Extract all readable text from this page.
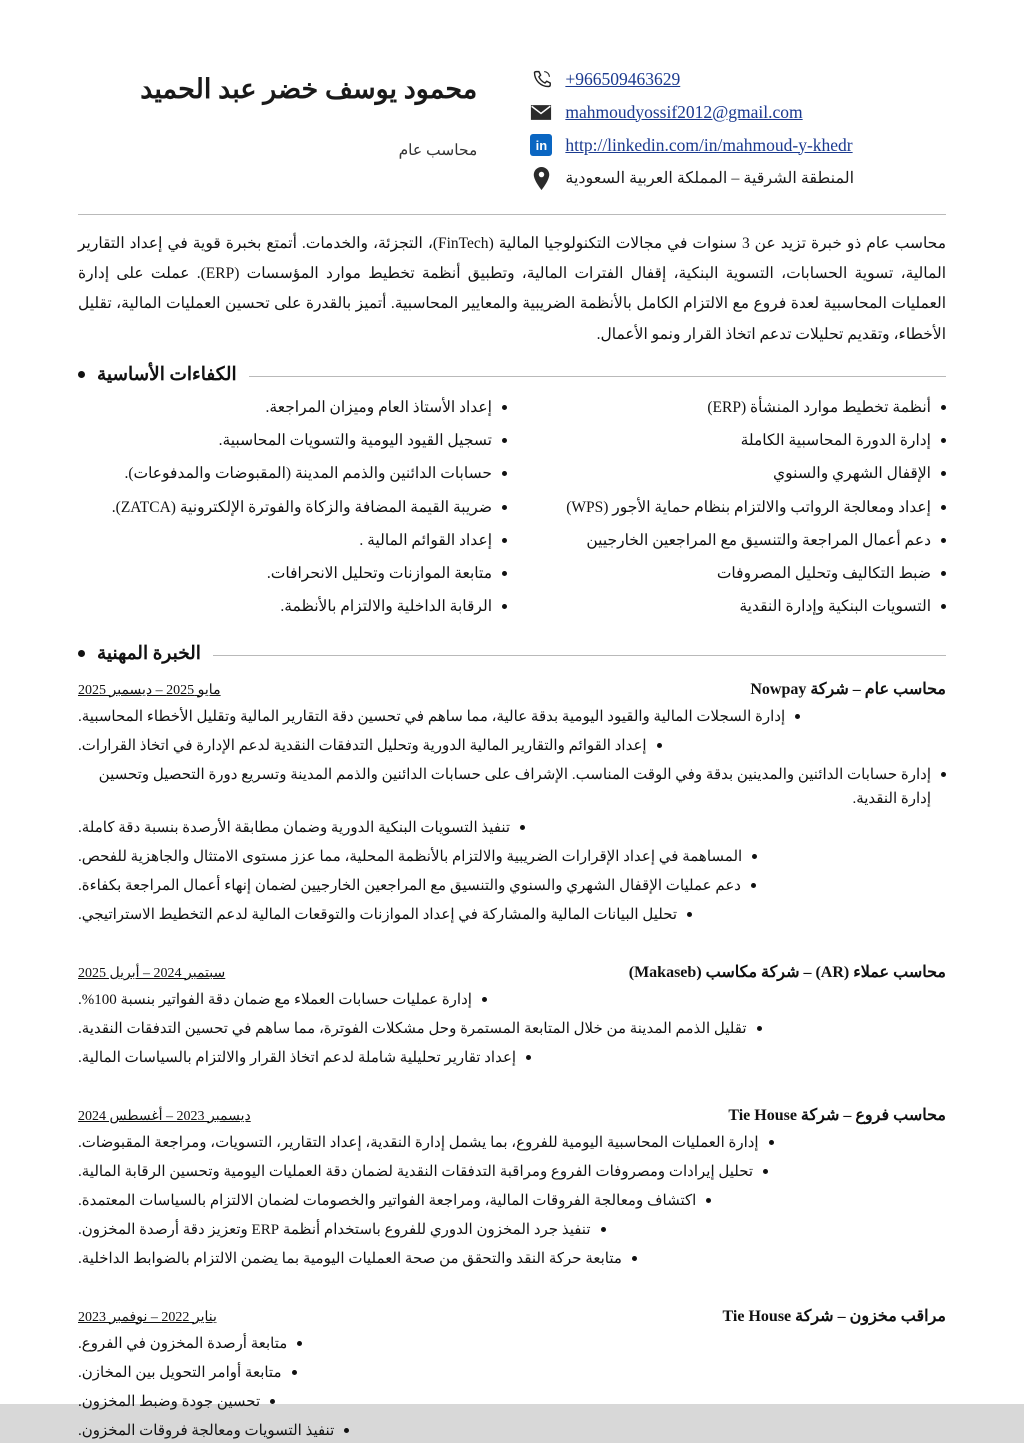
+966509463629
mahmoudyossif2012@gmail.com
in http://linkedin.com/in/mahmoud-y-khedr
المنطقة الشرقية – المملكة العربية السعودية
محمود يوسف خضر عبد الحميد
محاسب عام
محاسب عام ذو خبرة تزيد عن 3 سنوات في مجالات التكنولوجيا المالية (FinTech)، التجزئة، والخدمات. أتمتع بخبرة قوية في إعداد التقارير المالية، تسوية الحسابات، التسوية البنكية، إقفال الفترات المالية، وتطبيق أنظمة تخطيط موارد المؤسسات (ERP). عملت على إدارة العمليات المحاسبية لعدة فروع مع الالتزام الكامل بالأنظمة الضريبية والمعايير المحاسبية. أتميز بالقدرة على تحسين العمليات المالية، تقليل الأخطاء، وتقديم تحليلات تدعم اتخاذ القرار ونمو الأعمال.
الكفاءات الأساسية
أنظمة تخطيط موارد المنشأة (ERP)
إدارة الدورة المحاسبية الكاملة
الإقفال الشهري والسنوي
إعداد ومعالجة الرواتب والالتزام بنظام حماية الأجور (WPS)
دعم أعمال المراجعة والتنسيق مع المراجعين الخارجيين
ضبط التكاليف وتحليل المصروفات
التسويات البنكية وإدارة النقدية
إعداد الأستاذ العام وميزان المراجعة.
تسجيل القيود اليومية والتسويات المحاسبية.
حسابات الدائنين والذمم المدينة (المقبوضات والمدفوعات).
ضريبة القيمة المضافة والزكاة والفوترة الإلكترونية (ZATCA).
إعداد القوائم المالية .
متابعة الموازنات وتحليل الانحرافات.
الرقابة الداخلية والالتزام بالأنظمة.
الخبرة المهنية
محاسب عام – شركة Nowpay
مايو 2025 – ديسمبر 2025
إدارة السجلات المالية والقيود اليومية بدقة عالية، مما ساهم في تحسين دقة التقارير المالية وتقليل الأخطاء المحاسبية.
إعداد القوائم والتقارير المالية الدورية وتحليل التدفقات النقدية لدعم الإدارة في اتخاذ القرارات.
إدارة حسابات الدائنين والمدينين بدقة وفي الوقت المناسب. الإشراف على حسابات الدائنين والذمم المدينة وتسريع دورة التحصيل وتحسين إدارة النقدية.
تنفيذ التسويات البنكية الدورية وضمان مطابقة الأرصدة بنسبة دقة كاملة.
المساهمة في إعداد الإقرارات الضريبية والالتزام بالأنظمة المحلية، مما عزز مستوى الامتثال والجاهزية للفحص.
دعم عمليات الإقفال الشهري والسنوي والتنسيق مع المراجعين الخارجيين لضمان إنهاء أعمال المراجعة بكفاءة.
تحليل البيانات المالية والمشاركة في إعداد الموازنات والتوقعات المالية لدعم التخطيط الاستراتيجي.
محاسب عملاء (AR) – شركة مكاسب (Makaseb)
سبتمبر 2024 – أبريل 2025
إدارة عمليات حسابات العملاء مع ضمان دقة الفواتير بنسبة 100%.
تقليل الذمم المدينة من خلال المتابعة المستمرة وحل مشكلات الفوترة، مما ساهم في تحسين التدفقات النقدية.
إعداد تقارير تحليلية شاملة لدعم اتخاذ القرار والالتزام بالسياسات المالية.
محاسب فروع – شركة Tie House
ديسمبر 2023 – أغسطس 2024
إدارة العمليات المحاسبية اليومية للفروع، بما يشمل إدارة النقدية، إعداد التقارير، التسويات، ومراجعة المقبوضات.
تحليل إيرادات ومصروفات الفروع ومراقبة التدفقات النقدية لضمان دقة العمليات اليومية وتحسين الرقابة المالية.
اكتشاف ومعالجة الفروقات المالية، ومراجعة الفواتير والخصومات لضمان الالتزام بالسياسات المعتمدة.
تنفيذ جرد المخزون الدوري للفروع باستخدام أنظمة ERP وتعزيز دقة أرصدة المخزون.
متابعة حركة النقد والتحقق من صحة العمليات اليومية بما يضمن الالتزام بالضوابط الداخلية.
مراقب مخزون – شركة Tie House
يناير 2022 – نوفمبر 2023
متابعة أرصدة المخزون في الفروع.
متابعة أوامر التحويل بين المخازن.
تحسين جودة وضبط المخزون.
تنفيذ التسويات ومعالجة فروقات المخزون.
